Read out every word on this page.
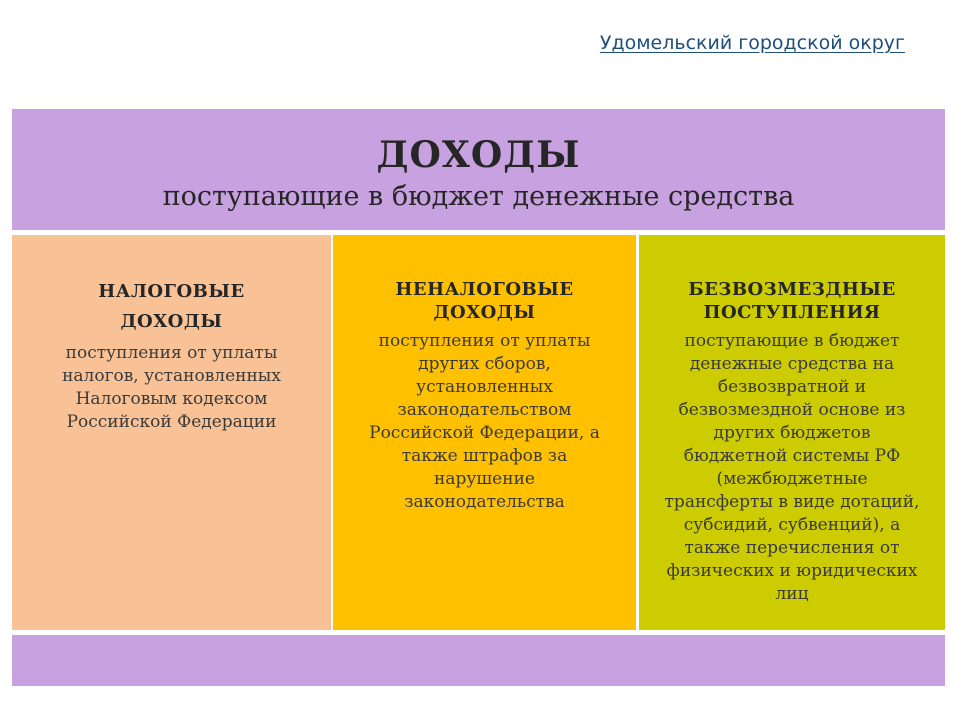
Удомельский городской округ
ДОХОДЫ
поступающие в бюджет денежные средства
НАЛОГОВЫЕ
ДОХОДЫ
поступления от уплаты
налогов, установленных
Налоговым кодексом
Российской Федерации
НЕНАЛОГОВЫЕ
ДОХОДЫ
поступления от уплаты
других сборов,
установленных
законодательством
Российской Федерации, а
также штрафов за
нарушение
законодательства
БЕЗВОЗМЕЗДНЫЕ
ПОСТУПЛЕНИЯ
поступающие в бюджет
денежные средства на
безвозвратной и
безвозмездной основе из
других бюджетов
бюджетной системы РФ
(межбюджетные
трансферты в виде дотаций,
субсидий, субвенций), а
также перечисления от
физических и юридических
лиц
